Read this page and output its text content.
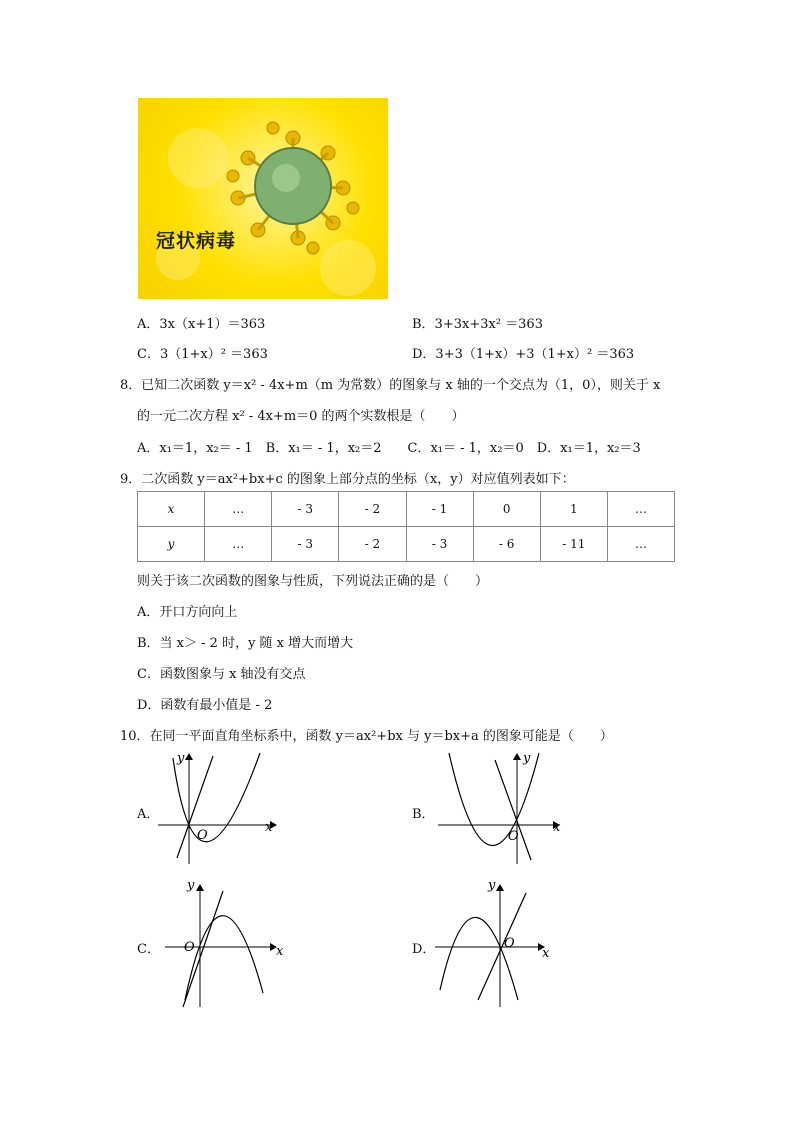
冠状病毒
A．3x（x+1）＝363	B．3+3x+3x² ＝363
C．3（1+x）² ＝363	D．3+3（1+x）+3（1+x）² ＝363
8．已知二次函数 y＝x² - 4x+m（m 为常数）的图象与 x 轴的一个交点为（1，0），则关于 x
的一元二次方程 x² - 4x+m＝0 的两个实数根是（　　）
A．x₁＝1，x₂＝ - 1　B．x₁＝ - 1，x₂＝2　　C．x₁＝ - 1，x₂＝0　D．x₁＝1，x₂＝3
9．二次函数 y＝ax²+bx+c 的图象上部分点的坐标（x，y）对应值列表如下：
x	…	- 3	- 2	- 1	0	1	…
y	…	- 3	- 2	- 3	- 6	- 11	…
则关于该二次函数的图象与性质，下列说法正确的是（　　）
A．开口方向向上
B．当 x＞ - 2 时，y 随 x 增大而增大
C．函数图象与 x 轴没有交点
D．函数有最小值是 - 2
10．在同一平面直角坐标系中，函数 y＝ax²+bx 与 y＝bx+a 的图象可能是（　　）
A．
y
x
O
B．
y
x
O
C．
y
x
O	D．
y
x
O
